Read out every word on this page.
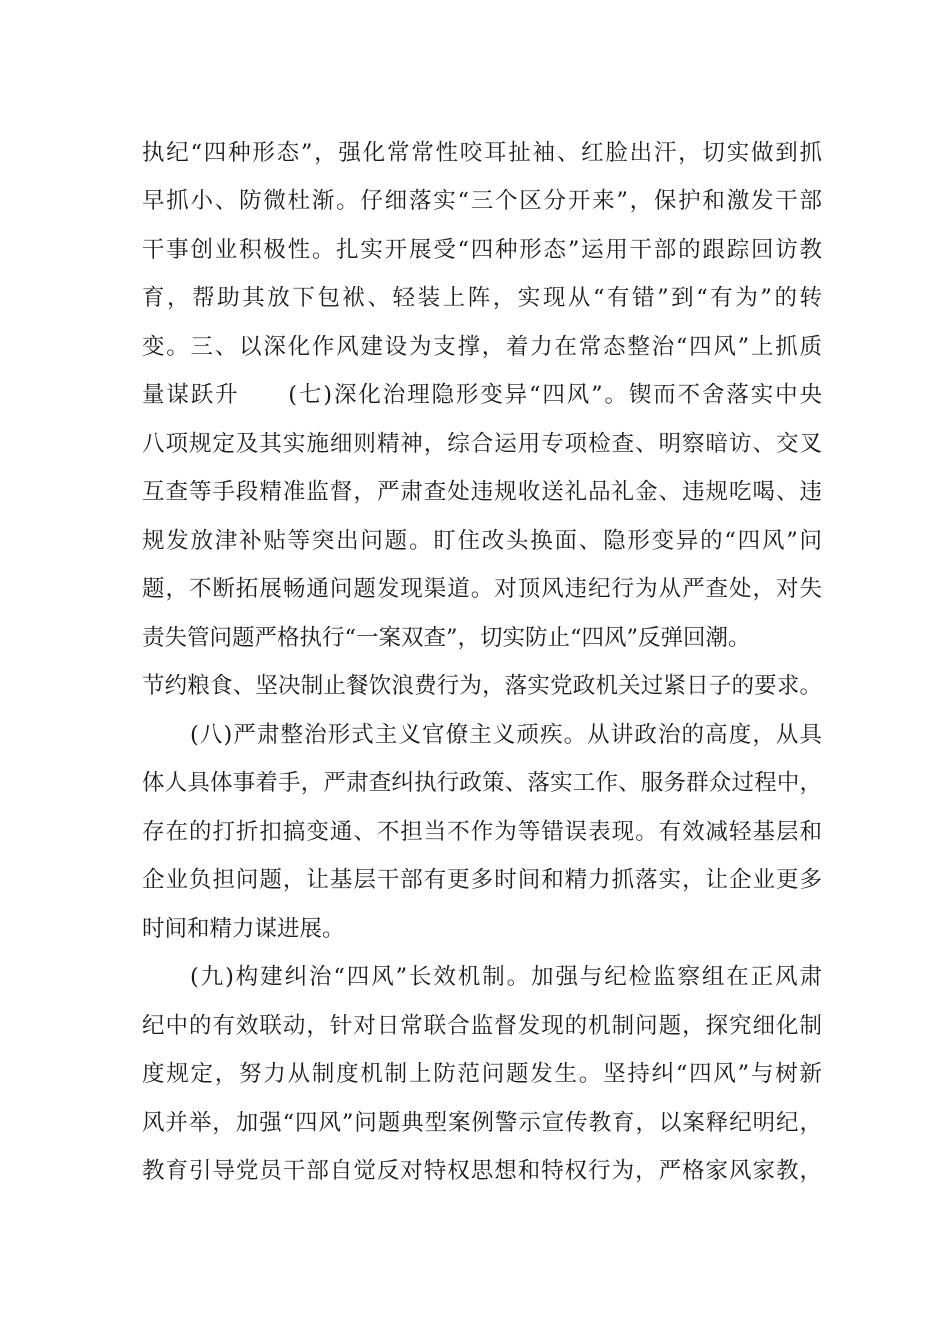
执纪“四种形态”，强化常常性咬耳扯袖、红脸出汗，切实做到抓
早抓小、防微杜渐。仔细落实“三个区分开来”，保护和激发干部
干事创业积极性。扎实开展受“四种形态”运用干部的跟踪回访教
育，帮助其放下包袱、轻装上阵，实现从“有错”到“有为”的转
变。三、以深化作风建设为支撑，着力在常态整治“四风”上抓质
量谋跃升　　(七)深化治理隐形变异“四风”。锲而不舍落实中央
八项规定及其实施细则精神，综合运用专项检查、明察暗访、交叉
互查等手段精准监督，严肃查处违规收送礼品礼金、违规吃喝、违
规发放津补贴等突出问题。盯住改头换面、隐形变异的“四风”问
题，不断拓展畅通问题发现渠道。对顶风违纪行为从严查处，对失
责失管问题严格执行“一案双查”，切实防止“四风”反弹回潮。
节约粮食、坚决制止餐饮浪费行为，落实党政机关过紧日子的要求。
(八)严肃整治形式主义官僚主义顽疾。从讲政治的高度，从具
体人具体事着手，严肃查纠执行政策、落实工作、服务群众过程中，
存在的打折扣搞变通、不担当不作为等错误表现。有效减轻基层和
企业负担问题，让基层干部有更多时间和精力抓落实，让企业更多
时间和精力谋进展。
(九)构建纠治“四风”长效机制。加强与纪检监察组在正风肃
纪中的有效联动，针对日常联合监督发现的机制问题，探究细化制
度规定，努力从制度机制上防范问题发生。坚持纠“四风”与树新
风并举，加强“四风”问题典型案例警示宣传教育，以案释纪明纪，
教育引导党员干部自觉反对特权思想和特权行为，严格家风家教，
